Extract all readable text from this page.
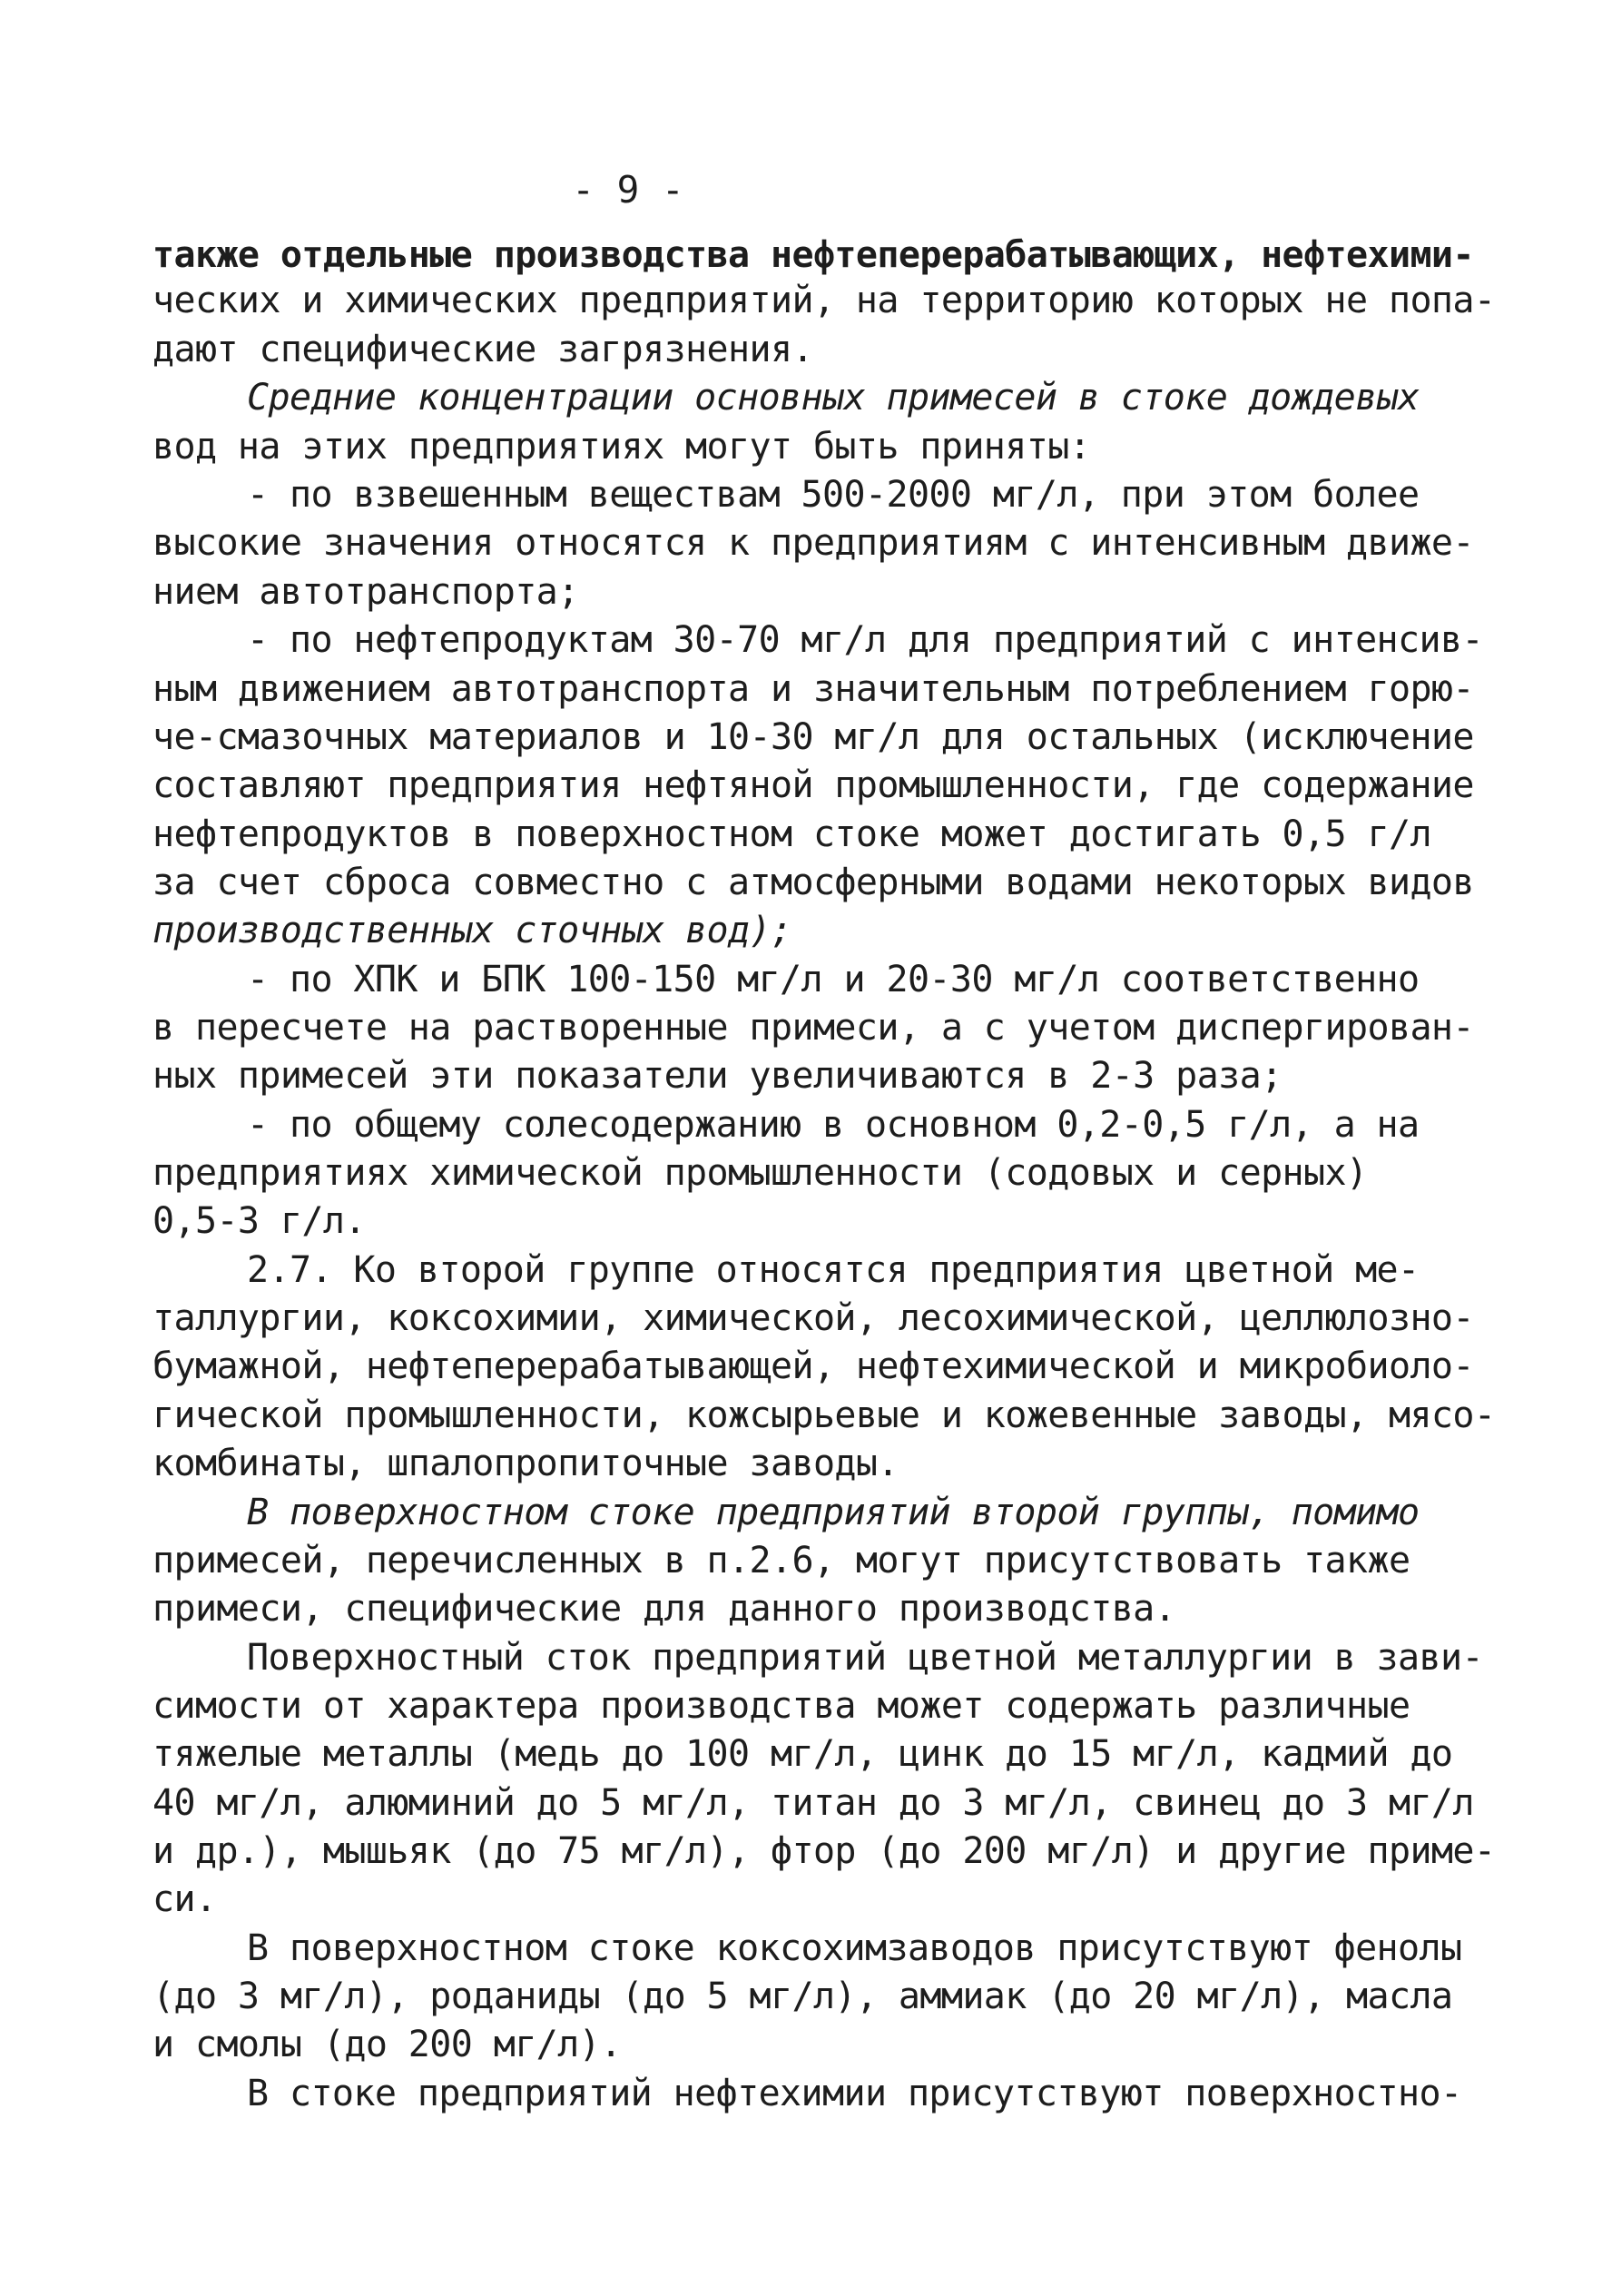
- 9 -
также отдельные производства нефтеперерабатывающих, нефтехими-
ческих и химических предприятий, на территорию которых не попа-
дают специфические загрязнения.
Средние концентрации основных примесей в стоке дождевых
вод на этих предприятиях могут быть приняты:
- по взвешенным веществам 500-2000 мг/л, при этом более
высокие значения относятся к предприятиям с интенсивным движе-
нием автотранспорта;
- по нефтепродуктам 30-70 мг/л для предприятий с интенсив-
ным движением автотранспорта и значительным потреблением горю-
че-смазочных материалов и 10-30 мг/л для остальных (исключение
составляют предприятия нефтяной промышленности, где содержание
нефтепродуктов в поверхностном стоке может достигать 0,5 г/л
за счет сброса совместно с атмосферными водами некоторых видов
производственных сточных вод);
- по ХПК и БПК 100-150 мг/л и 20-30 мг/л соответственно
в пересчете на растворенные примеси, а с учетом диспергирован-
ных примесей эти показатели увеличиваются в 2-3 раза;
- по общему солесодержанию в основном 0,2-0,5 г/л, а на
предприятиях химической промышленности (содовых и серных)
0,5-3 г/л.
2.7. Ко второй группе относятся предприятия цветной ме-
таллургии, коксохимии, химической, лесохимической, целлюлозно-
бумажной, нефтеперерабатывающей, нефтехимической и микробиоло-
гической промышленности, кожсырьевые и кожевенные заводы, мясо-
комбинаты, шпалопропиточные заводы.
В поверхностном стоке предприятий второй группы, помимо
примесей, перечисленных в п.2.6, могут присутствовать также
примеси, специфические для данного производства.
Поверхностный сток предприятий цветной металлургии в зави-
симости от характера производства может содержать различные
тяжелые металлы (медь до 100 мг/л, цинк до 15 мг/л, кадмий до
40 мг/л, алюминий до 5 мг/л, титан до 3 мг/л, свинец до 3 мг/л
и др.), мышьяк (до 75 мг/л), фтор (до 200 мг/л) и другие приме-
си.
В поверхностном стоке коксохимзаводов присутствуют фенолы
(до 3 мг/л), роданиды (до 5 мг/л), аммиак (до 20 мг/л), масла
и смолы (до 200 мг/л).
В стоке предприятий нефтехимии присутствуют поверхностно-
